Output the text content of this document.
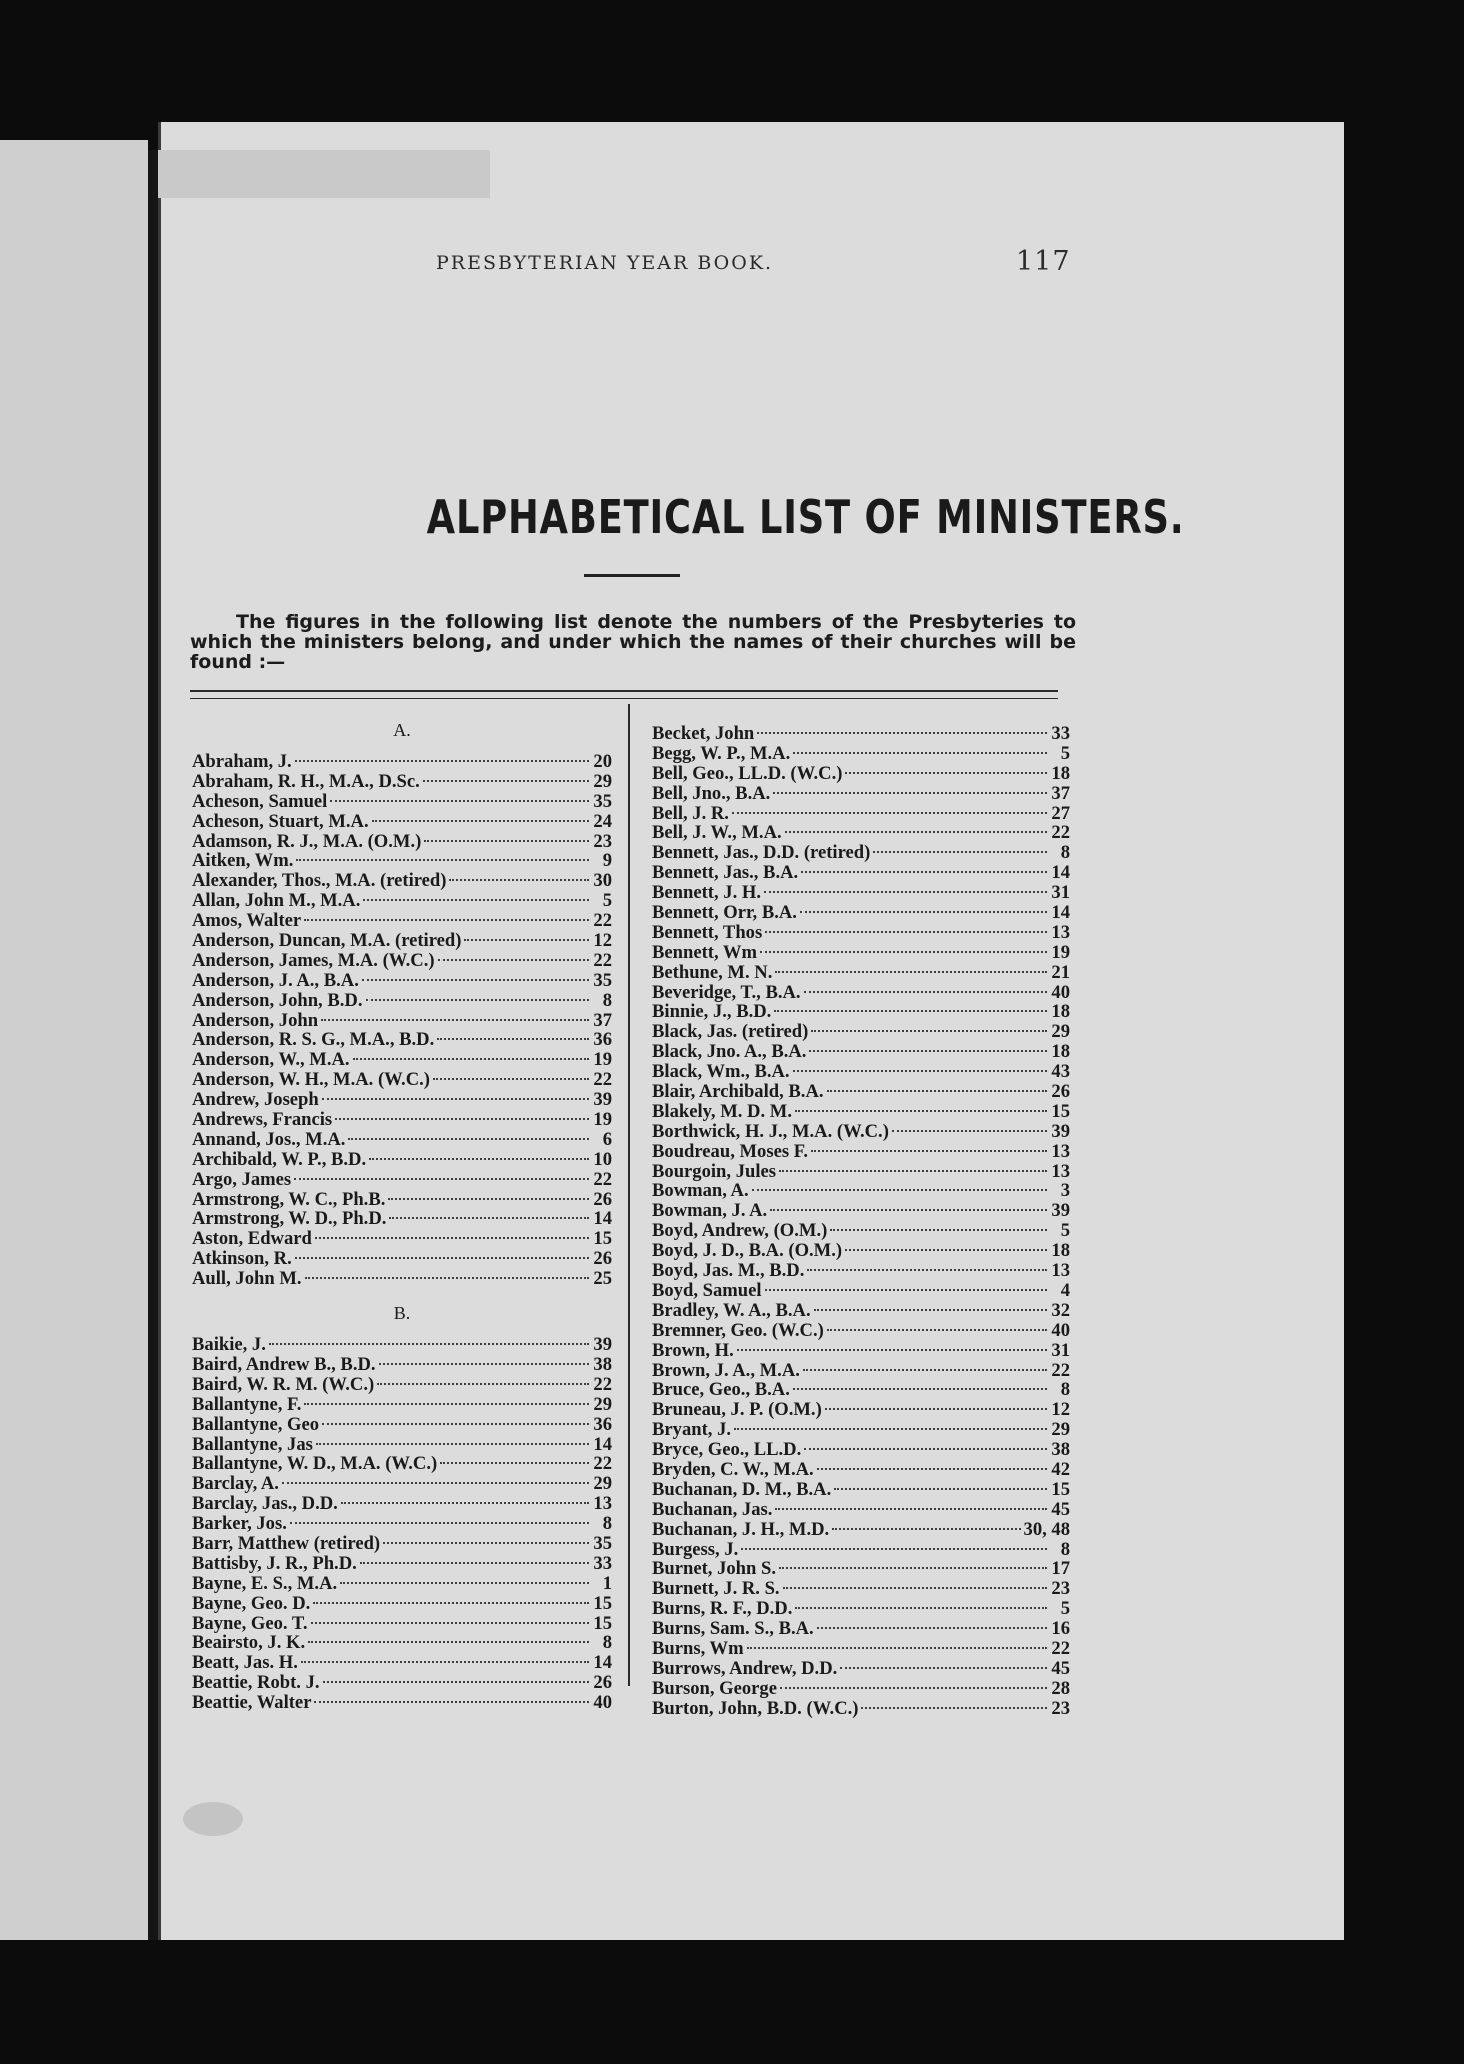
PRESBYTERIAN YEAR BOOK.	117
ALPHABETICAL LIST OF MINISTERS.
The figures in the following list denote the numbers of the Presbyteries to which the ministers belong, and under which the names of their churches will be found :—
A.
Abraham, J.	20
Abraham, R. H., M.A., D.Sc.	29
Acheson, Samuel	35
Acheson, Stuart, M.A.	24
Adamson, R. J., M.A. (O.M.)	23
Aitken, Wm.	9
Alexander, Thos., M.A. (retired)	30
Allan, John M., M.A.	5
Amos, Walter	22
Anderson, Duncan, M.A. (retired)	12
Anderson, James, M.A. (W.C.)	22
Anderson, J. A., B.A.	35
Anderson, John, B.D.	8
Anderson, John	37
Anderson, R. S. G., M.A., B.D.	36
Anderson, W., M.A.	19
Anderson, W. H., M.A. (W.C.)	22
Andrew, Joseph	39
Andrews, Francis	19
Annand, Jos., M.A.	6
Archibald, W. P., B.D.	10
Argo, James	22
Armstrong, W. C., Ph.B.	26
Armstrong, W. D., Ph.D.	14
Aston, Edward	15
Atkinson, R.	26
Aull, John M.	25
B.
Baikie, J.	39
Baird, Andrew B., B.D.	38
Baird, W. R. M. (W.C.)	22
Ballantyne, F.	29
Ballantyne, Geo	36
Ballantyne, Jas	14
Ballantyne, W. D., M.A. (W.C.)	22
Barclay, A.	29
Barclay, Jas., D.D.	13
Barker, Jos.	8
Barr, Matthew (retired)	35
Battisby, J. R., Ph.D.	33
Bayne, E. S., M.A.	1
Bayne, Geo. D.	15
Bayne, Geo. T.	15
Beairsto, J. K.	8
Beatt, Jas. H.	14
Beattie, Robt. J.	26
Beattie, Walter	40
Becket, John	33
Begg, W. P., M.A.	5
Bell, Geo., LL.D. (W.C.)	18
Bell, Jno., B.A.	37
Bell, J. R.	27
Bell, J. W., M.A.	22
Bennett, Jas., D.D. (retired)	8
Bennett, Jas., B.A.	14
Bennett, J. H.	31
Bennett, Orr, B.A.	14
Bennett, Thos	13
Bennett, Wm	19
Bethune, M. N.	21
Beveridge, T., B.A.	40
Binnie, J., B.D.	18
Black, Jas. (retired)	29
Black, Jno. A., B.A.	18
Black, Wm., B.A.	43
Blair, Archibald, B.A.	26
Blakely, M. D. M.	15
Borthwick, H. J., M.A. (W.C.)	39
Boudreau, Moses F.	13
Bourgoin, Jules	13
Bowman, A.	3
Bowman, J. A.	39
Boyd, Andrew, (O.M.)	5
Boyd, J. D., B.A. (O.M.)	18
Boyd, Jas. M., B.D.	13
Boyd, Samuel	4
Bradley, W. A., B.A.	32
Bremner, Geo. (W.C.)	40
Brown, H.	31
Brown, J. A., M.A.	22
Bruce, Geo., B.A.	8
Bruneau, J. P. (O.M.)	12
Bryant, J.	29
Bryce, Geo., LL.D.	38
Bryden, C. W., M.A.	42
Buchanan, D. M., B.A.	15
Buchanan, Jas.	45
Buchanan, J. H., M.D.	30, 48
Burgess, J.	8
Burnet, John S.	17
Burnett, J. R. S.	23
Burns, R. F., D.D.	5
Burns, Sam. S., B.A.	16
Burns, Wm	22
Burrows, Andrew, D.D.	45
Burson, George	28
Burton, John, B.D. (W.C.)	23
